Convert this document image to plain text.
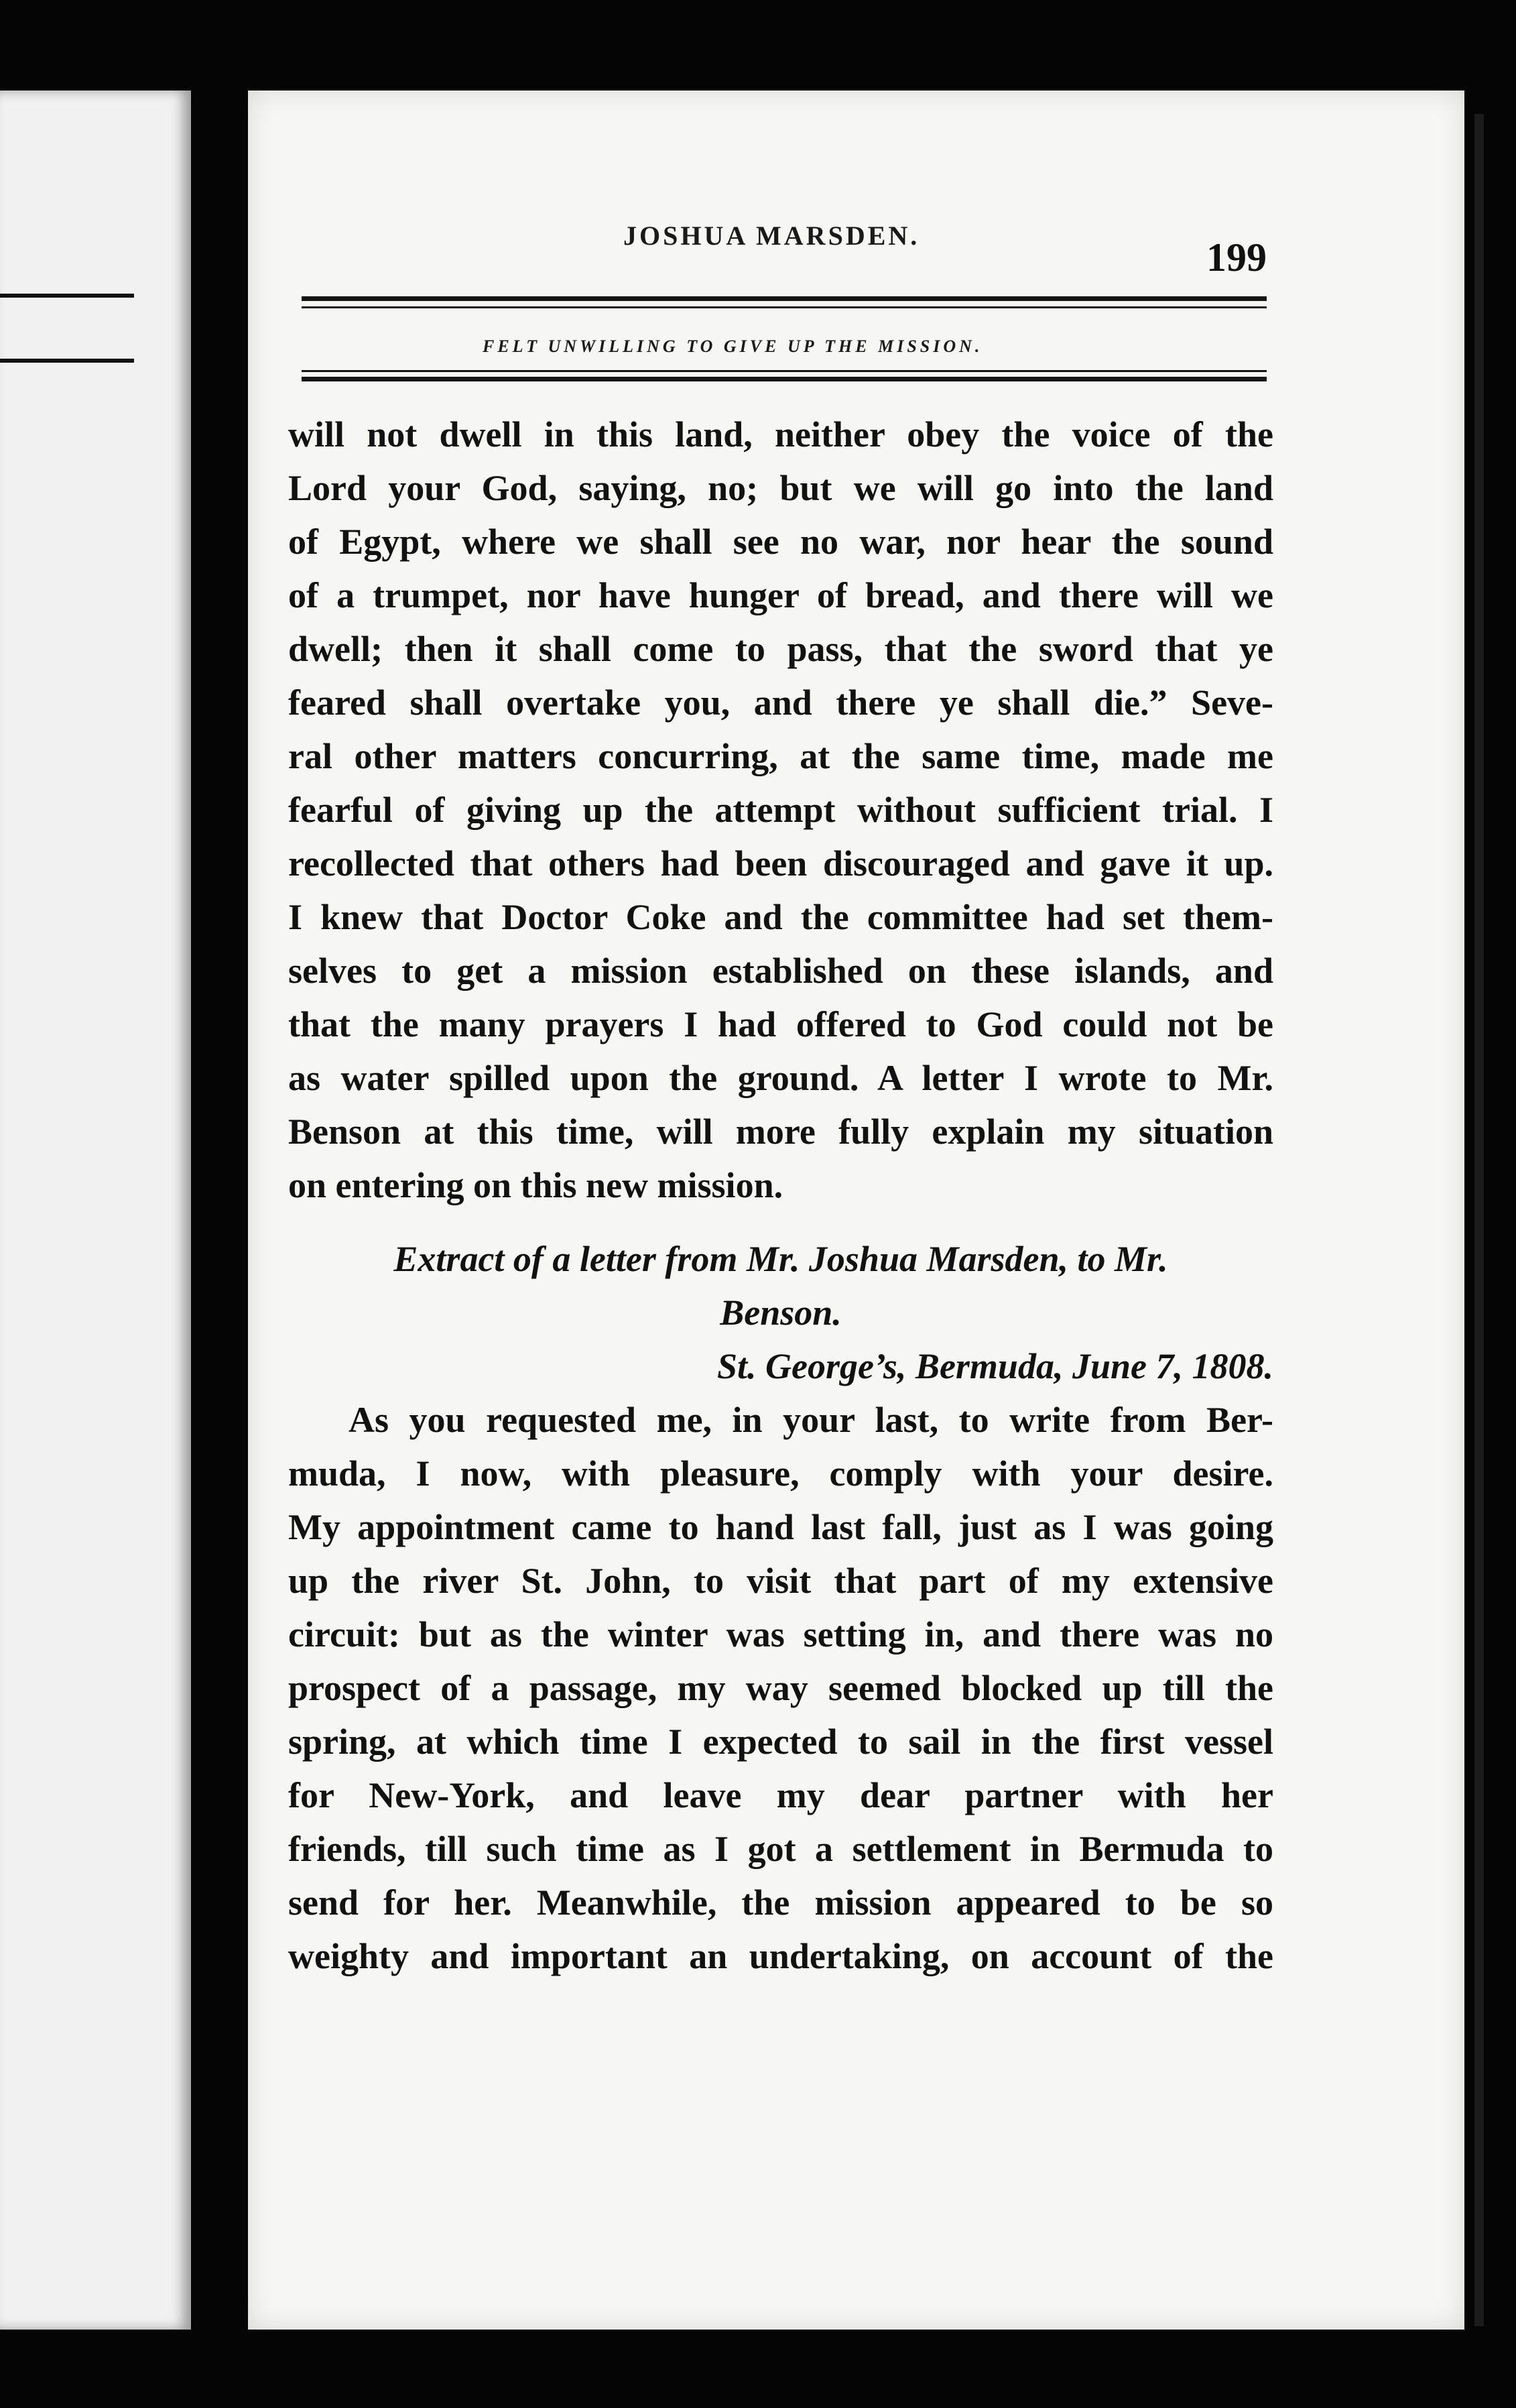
JOSHUA MARSDEN.	199
FELT UNWILLING TO GIVE UP THE MISSION.
will not dwell in this land, neither obey the voice of the
Lord your God, saying, no; but we will go into the land
of Egypt, where we shall see no war, nor hear the sound
of a trumpet, nor have hunger of bread, and there will we
dwell; then it shall come to pass, that the sword that ye
feared shall overtake you, and there ye shall die.” Seve-
ral other matters concurring, at the same time, made me
fearful of giving up the attempt without sufficient trial. I
recollected that others had been discouraged and gave it up.
I knew that Doctor Coke and the committee had set them-
selves to get a mission established on these islands, and
that the many prayers I had offered to God could not be
as water spilled upon the ground. A letter I wrote to Mr.
Benson at this time, will more fully explain my situation
on entering on this new mission.
Extract of a letter from Mr. Joshua Marsden, to Mr.
Benson.
St. George’s, Bermuda, June 7, 1808.
As you requested me, in your last, to write from Ber-
muda, I now, with pleasure, comply with your desire.
My appointment came to hand last fall, just as I was going
up the river St. John, to visit that part of my extensive
circuit: but as the winter was setting in, and there was no
prospect of a passage, my way seemed blocked up till the
spring, at which time I expected to sail in the first vessel
for New-York, and leave my dear partner with her
friends, till such time as I got a settlement in Bermuda to
send for her. Meanwhile, the mission appeared to be so
weighty and important an undertaking, on account of the
